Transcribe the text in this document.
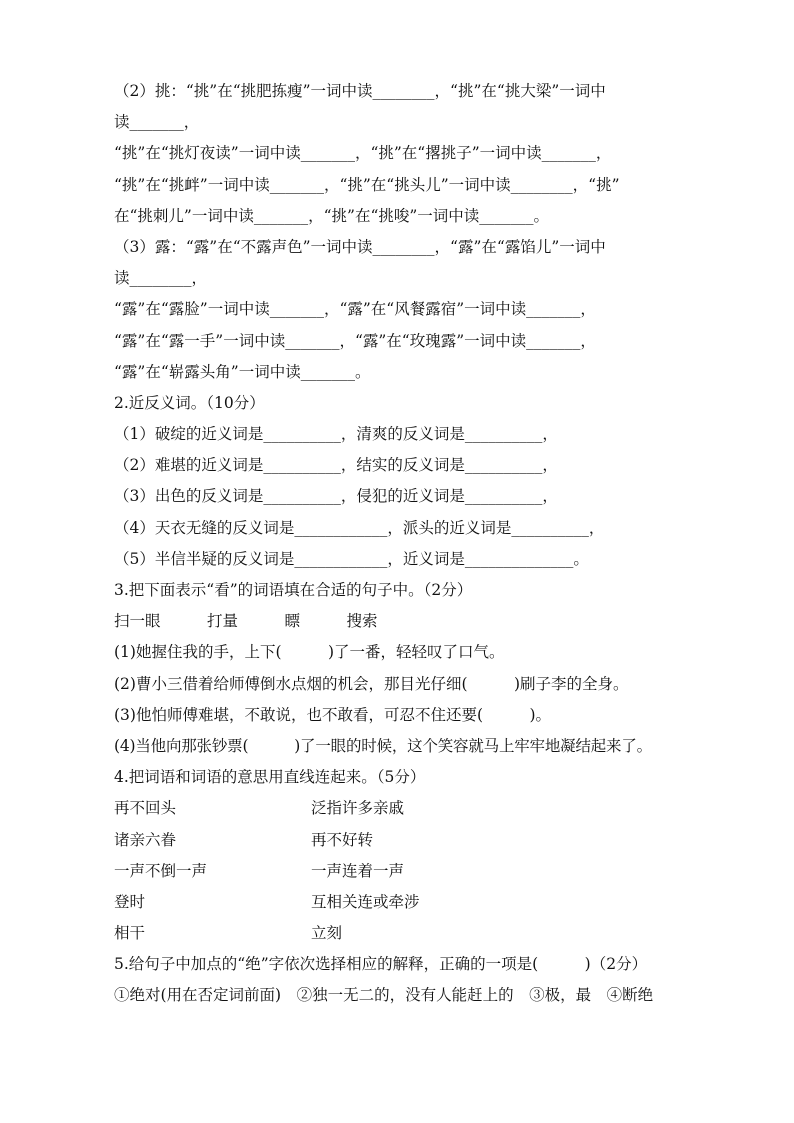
（2）挑：“挑”在“挑肥拣瘦”一词中读________，“挑”在“挑大梁”一词中
读_______，
“挑”在“挑灯夜读”一词中读_______，“挑”在“撂挑子”一词中读_______，
“挑”在“挑衅”一词中读_______，“挑”在“挑头儿”一词中读________，“挑”
在“挑刺儿”一词中读_______，“挑”在“挑唆”一词中读_______。
（3）露：“露”在“不露声色”一词中读________，“露”在“露馅儿”一词中
读________，
“露”在“露脸”一词中读_______，“露”在“风餐露宿”一词中读_______，
“露”在“露一手”一词中读_______，“露”在“玫瑰露”一词中读_______，
“露”在“崭露头角”一词中读_______。
2.近反义词。（10分）
（1）破绽的近义词是__________，清爽的反义词是__________，
（2）难堪的近义词是__________，结实的反义词是__________，
（3）出色的反义词是__________，侵犯的近义词是__________，
（4）天衣无缝的反义词是____________，派头的近义词是__________，
（5）半信半疑的反义词是____________，近义词是______________。
3.把下面表示“看”的词语填在合适的句子中。（2分）
扫一眼　　　打量　　　瞟　　　搜索
(1)她握住我的手，上下(　　　)了一番，轻轻叹了口气。
(2)曹小三借着给师傅倒水点烟的机会，那目光仔细(　　　)刷子李的全身。
(3)他怕师傅难堪，不敢说，也不敢看，可忍不住还要(　　　)。
(4)当他向那张钞票(　　　)了一眼的时候，这个笑容就马上牢牢地凝结起来了。
4.把词语和词语的意思用直线连起来。（5分）
再不回头	泛指许多亲戚
诸亲六眷	再不好转
一声不倒一声	一声连着一声
登时	互相关连或牵涉
相干	立刻
5.给句子中加点的“绝”字依次选择相应的解释，正确的一项是(　　　)（2分）
①绝对(用在否定词前面)　②独一无二的，没有人能赶上的　③极，最　④断绝
